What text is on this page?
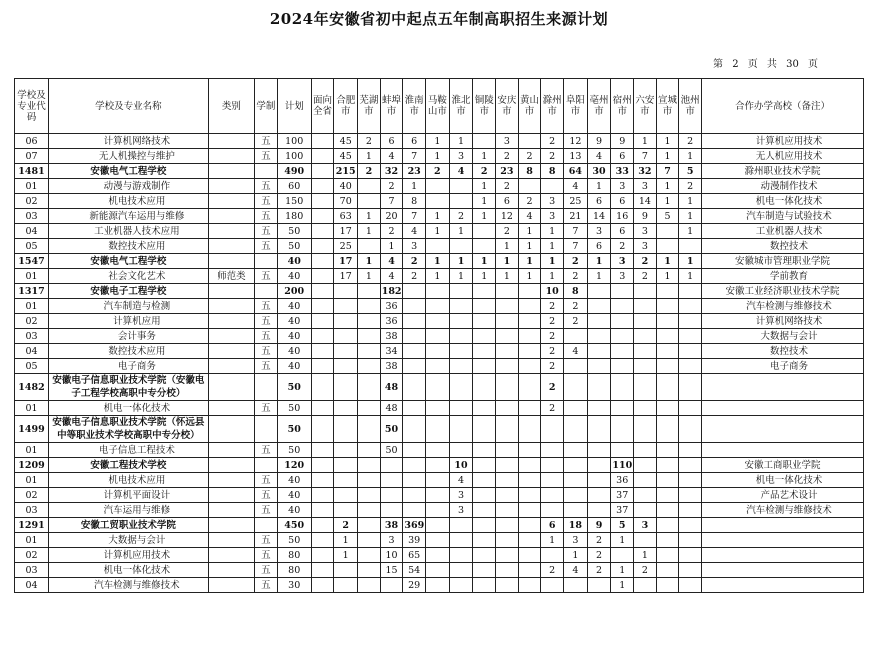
2024年安徽省初中起点五年制高职招生来源计划
第 2 页 共 30 页
学校及专业代码	学校及专业名称	类别	学制	计划	面向全省	合肥市	芜湖市	蚌埠市	淮南市	马鞍山市	淮北市	铜陵市	安庆市	黄山市	滁州市	阜阳市	亳州市	宿州市	六安市	宣城市	池州市	合作办学高校（备注）
06	计算机网络技术		五	100		45	2	6	6	1	1		3		2	12	9	9	1	1	2	计算机应用技术
07	无人机操控与维护		五	100		45	1	4	7	1	3	1	2	2	2	13	4	6	7	1	1	无人机应用技术
1481	安徽电气工程学校			490		215	2	32	23	2	4	2	23	8	8	64	30	33	32	7	5	滁州职业技术学院
01	动漫与游戏制作		五	60		40		2	1			1	2			4	1	3	3	1	2	动漫制作技术
02	机电技术应用		五	150		70		7	8			1	6	2	3	25	6	6	14	1	1	机电一体化技术
03	新能源汽车运用与维修		五	180		63	1	20	7	1	2	1	12	4	3	21	14	16	9	5	1	汽车制造与试验技术
04	工业机器人技术应用		五	50		17	1	2	4	1	1		2	1	1	7	3	6	3		1	工业机器人技术
05	数控技术应用		五	50		25		1	3				1	1	1	7	6	2	3			数控技术
1547	安徽电气工程学校			40		17	1	4	2	1	1	1	1	1	1	2	1	3	2	1	1	安徽城市管理职业学院
01	社会文化艺术	师范类	五	40		17	1	4	2	1	1	1	1	1	1	2	1	3	2	1	1	学前教育
1317	安徽电子工程学校			200				182							10	8						安徽工业经济职业技术学院
01	汽车制造与检测		五	40				36							2	2						汽车检测与维修技术
02	计算机应用		五	40				36							2	2						计算机网络技术
03	会计事务		五	40				38							2							大数据与会计
04	数控技术应用		五	40				34							2	4						数控技术
05	电子商务		五	40				38							2							电子商务
1482	安徽电子信息职业技术学院（安徽电子工程学校高职中专分校）			50				48							2							
01	机电一体化技术		五	50				48							2							
1499	安徽电子信息职业技术学院（怀远县中等职业技术学校高职中专分校）			50				50														
01	电子信息工程技术		五	50				50														
1209	安徽工程技术学校			120							10							110				安徽工商职业学院
01	机电技术应用		五	40							4							36				机电一体化技术
02	计算机平面设计		五	40							3							37				产品艺术设计
03	汽车运用与维修		五	40							3							37				汽车检测与维修技术
1291	安徽工贸职业技术学院			450		2		38	369						6	18	9	5	3			
01	大数据与会计		五	50		1		3	39						1	3	2	1				
02	计算机应用技术		五	80		1		10	65							1	2		1			
03	机电一体化技术		五	80				15	54						2	4	2	1	2			
04	汽车检测与维修技术		五	30					29									1				
